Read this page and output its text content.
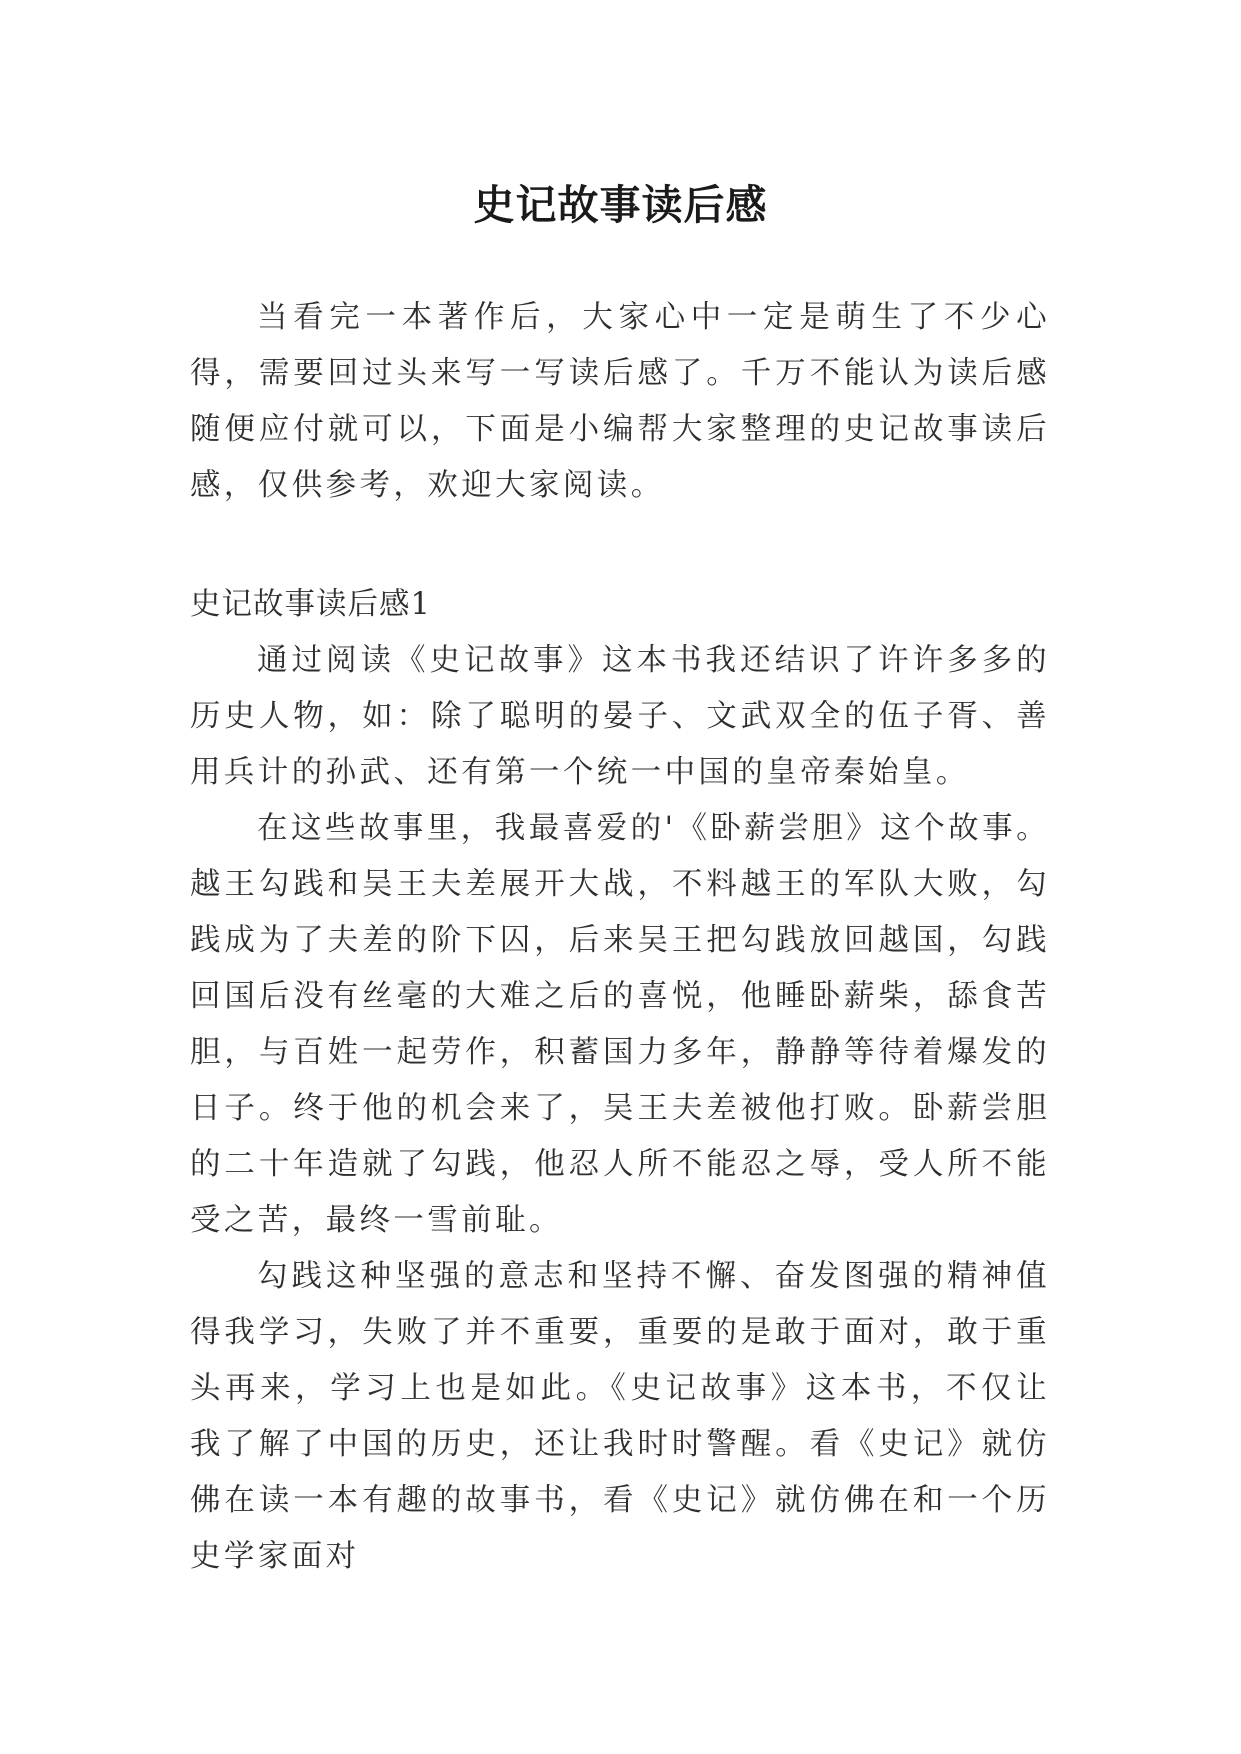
史记故事读后感

当看完一本著作后，大家心中一定是萌生了不少心得，需要回过头来写一写读后感了。千万不能认为读后感随便应付就可以，下面是小编帮大家整理的史记故事读后感，仅供参考，欢迎大家阅读。

史记故事读后感1

通过阅读《史记故事》这本书我还结识了许许多多的历史人物，如：除了聪明的晏子、文武双全的伍子胥、善用兵计的孙武、还有第一个统一中国的皇帝秦始皇。

在这些故事里，我最喜爱的'《卧薪尝胆》这个故事。越王勾践和吴王夫差展开大战，不料越王的军队大败，勾践成为了夫差的阶下囚，后来吴王把勾践放回越国，勾践回国后没有丝毫的大难之后的喜悦，他睡卧薪柴，舔食苦胆，与百姓一起劳作，积蓄国力多年，静静等待着爆发的日子。终于他的机会来了，吴王夫差被他打败。卧薪尝胆的二十年造就了勾践，他忍人所不能忍之辱，受人所不能受之苦，最终一雪前耻。

勾践这种坚强的意志和坚持不懈、奋发图强的精神值得我学习，失败了并不重要，重要的是敢于面对，敢于重头再来，学习上也是如此。《史记故事》这本书，不仅让我了解了中国的历史，还让我时时警醒。看《史记》就仿佛在读一本有趣的故事书，看《史记》就仿佛在和一个历史学家面对
